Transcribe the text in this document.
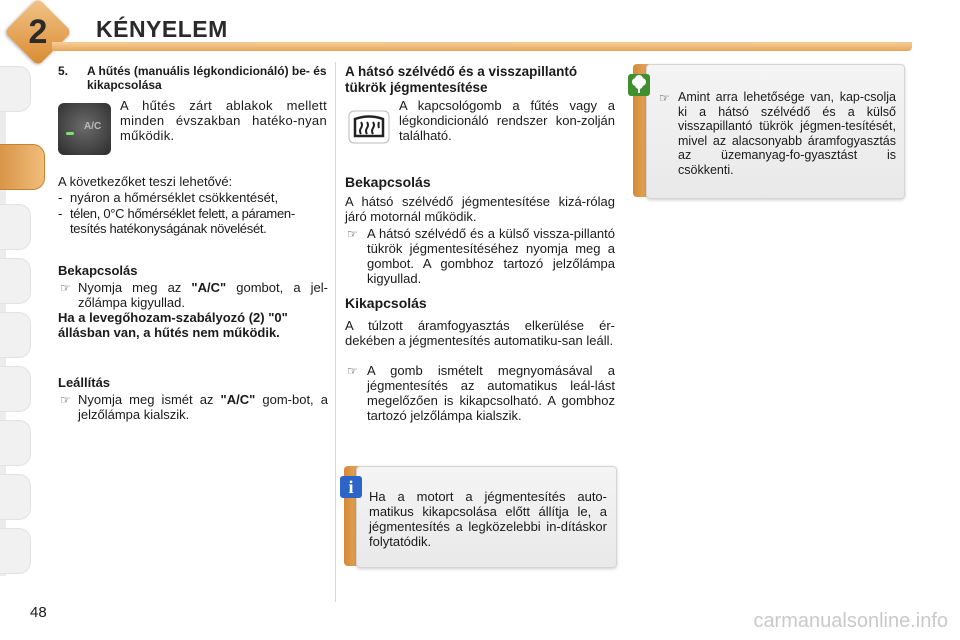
2	KÉNYELEM
5. A hűtés (manuális légkondicionáló) be- és kikapcsolása
A/C
A hűtés zárt ablakok mellett minden évszakban hatéko-nyan működik.
A következőket teszi lehetővé:
- nyáron a hőmérséklet csökkentését,
- télen, 0°C hőmérséklet felett, a páramen-tesítés hatékonyságának növelését.
Bekapcsolás
☞ Nyomja meg az "A/C" gombot, a jel-zőlámpa kigyullad.
Ha a levegőhozam-szabályozó (2) "0" állásban van, a hűtés nem működik.
Leállítás
☞ Nyomja meg ismét az "A/C" gom-bot, a jelzőlámpa kialszik.
A hátsó szélvédő és a visszapillantó tükrök jégmentesítése
A kapcsológomb a fűtés vagy a légkondicionáló rendszer kon-zolján található.
Bekapcsolás
A hátsó szélvédő jégmentesítése kizá-rólag járó motornál működik.
☞ A hátsó szélvédő és a külső vissza-pillantó tükrök jégmentesítéséhez nyomja meg a gombot. A gombhoz tartozó jelzőlámpa kigyullad.
Kikapcsolás
A túlzott áramfogyasztás elkerülése ér-dekében a jégmentesítés automatiku-san leáll.
☞ A gomb ismételt megnyomásával a jégmentesítés az automatikus leál-lást megelőzően is kikapcsolható. A gombhoz tartozó jelzőlámpa kialszik.
i	Ha a motort a jégmentesítés auto-matikus kikapcsolása előtt állítja le, a jégmentesítés a legközelebbi in-dításkor folytatódik.
☞ Amint arra lehetősége van, kap-csolja ki a hátsó szélvédő és a külső visszapillantó tükrök jégmen-tesítését, mivel az alacsonyabb áramfogyasztás az üzemanyag-fo-gyasztást is csökkenti.
48	carmanualsonline.info
